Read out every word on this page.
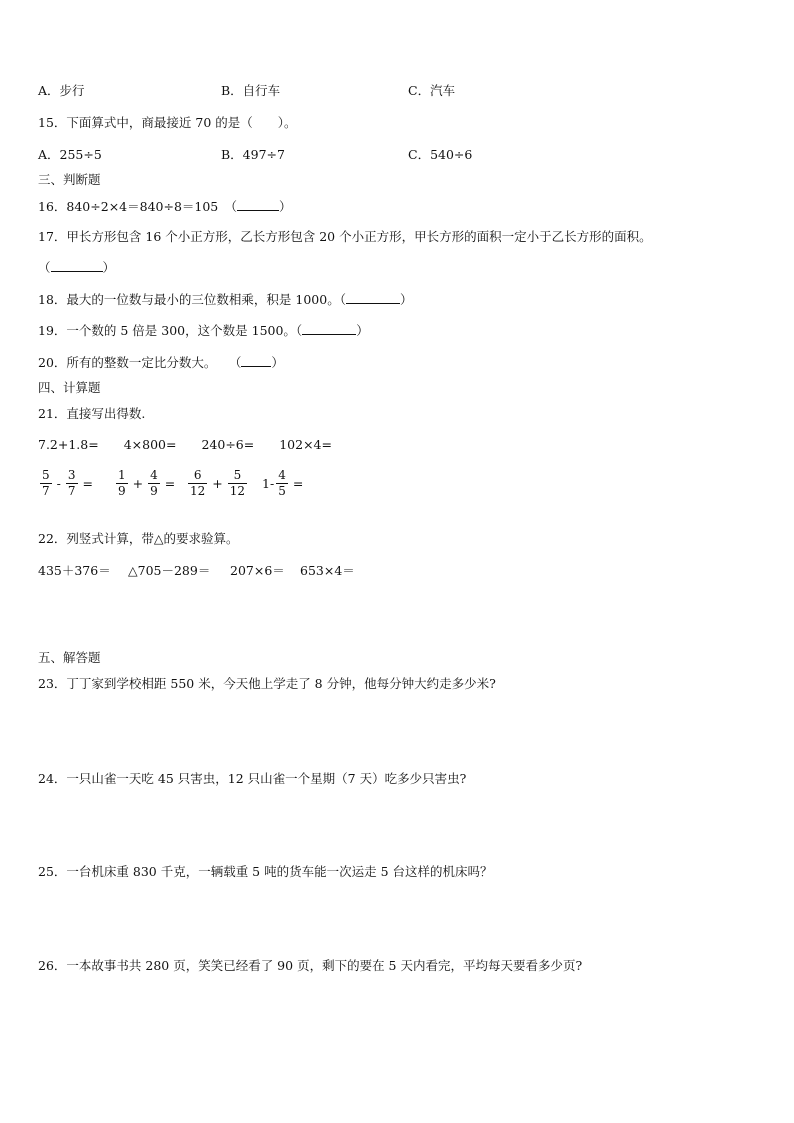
A．步行	B．自行车	C．汽车
15．下面算式中，商最接近 70 的是（　　）。
A．255÷5	B．497÷7	C．540÷6
三、判断题
16．840÷2×4＝840÷8＝105　（	）
17．甲长方形包含 16 个小正方形，乙长方形包含 20 个小正方形，甲长方形的面积一定小于乙长方形的面积。
（	）
18．最大的一位数与最小的三位数相乘，积是 1000。（	）
19．一个数的 5 倍是 300，这个数是 1500。（	）
20．所有的整数一定比分数大。　　（ ）
四、计算题
21．直接写出得数.
7.2+1.8=　　4×800=　　240÷6=　　102×4=
$\frac{5}{7} - \frac{3}{7} = \frac{1}{9} + \frac{4}{9} = \frac{6}{12} + \frac{5}{12} 1- \frac{4}{5}$ =
22．列竖式计算，带△的要求验算。
435＋376＝ △705－289＝ 207×6＝ 653×4＝
五、解答题
23．丁丁家到学校相距 550 米，今天他上学走了 8 分钟，他每分钟大约走多少米?
24．一只山雀一天吃 45 只害虫，12 只山雀一个星期（7 天）吃多少只害虫?
25．一台机床重 830 千克，一辆载重 5 吨的货车能一次运走 5 台这样的机床吗？
26．一本故事书共 280 页，笑笑已经看了 90 页，剩下的要在 5 天内看完，平均每天要看多少页?
